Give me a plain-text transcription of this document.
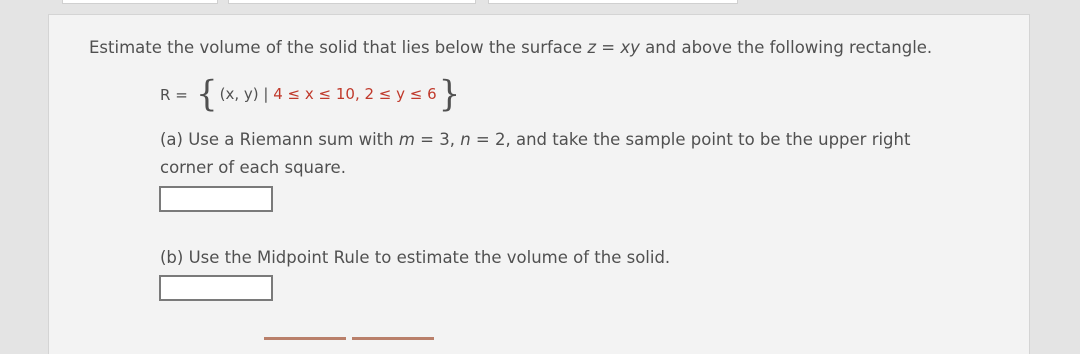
Estimate the volume of the solid that lies below the surface z = xy and above the following rectangle.
R = { (x, y) | 4 ≤ x ≤ 10, 2 ≤ y ≤ 6 }
(a) Use a Riemann sum with m = 3, n = 2, and take the sample point to be the upper right
corner of each square.
(b) Use the Midpoint Rule to estimate the volume of the solid.
